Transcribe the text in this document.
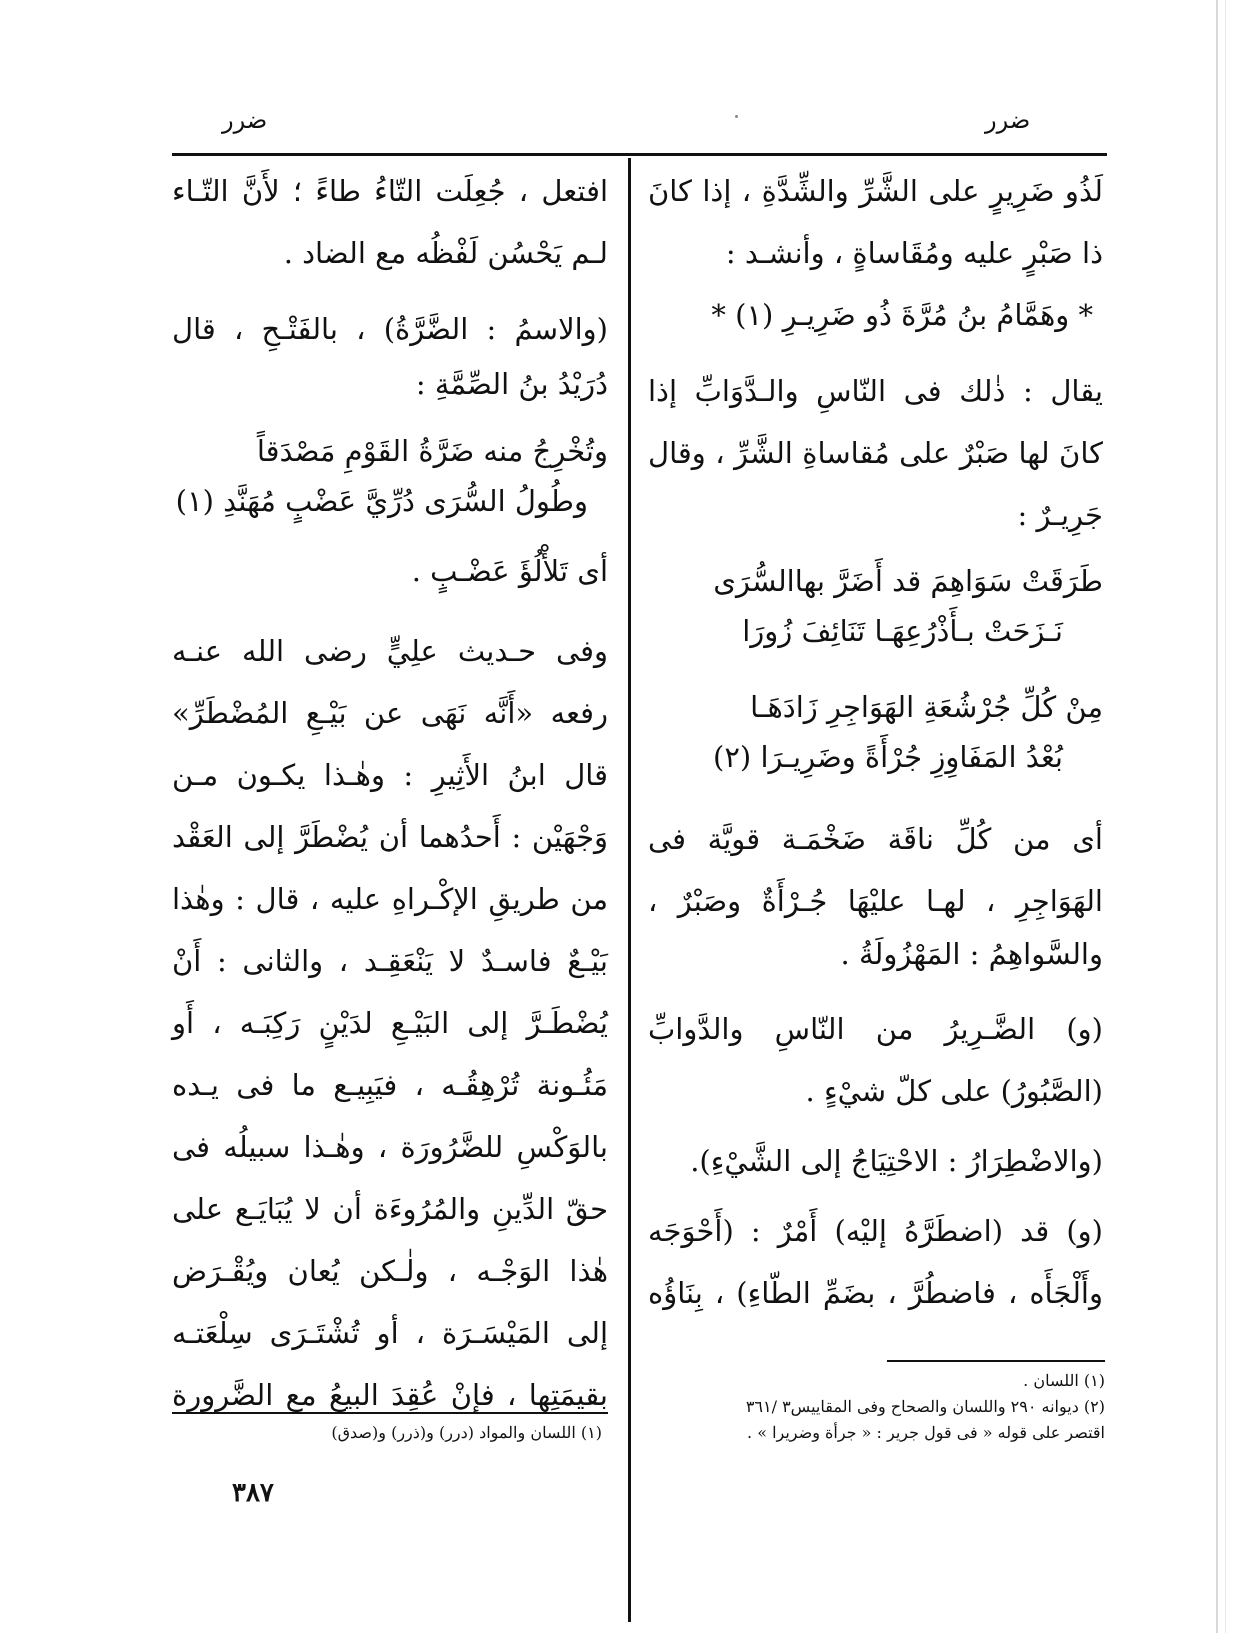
ضرر
ضرر
لَذُو ضَرِيرٍ على الشَّرِّ والشِّدَّةِ ، إذا كانَ
ذا صَبْرٍ عليه ومُقَاساةٍ ، وأنشـد :
* وهَمَّامُ بنُ مُرَّةَ ذُو ضَرِيـرِ (١) *
يقال : ذٰلك فى النّاسِ والـدَّوَابِّ إذا
كانَ لها صَبْرٌ على مُقاساةِ الشَّرِّ ، وقال
جَرِيـرٌ :
طَرَقَتْ سَوَاهِمَ قد أَضَرَّ بهاالسُّرَى
نَـزَحَتْ بـأَذْرُعِهَـا تَنَائِفَ زُورَا
مِنْ كُلِّ جُرْشُعَةِ الهَوَاجِرِ زَادَهَـا
بُعْدُ المَفَاوِزِ جُرْأَةً وضَرِيـرَا (٢)
أى من كُلِّ ناقَة ضَخْمَـة قويَّة فى
الهَوَاجِرِ ، لهـا عليْهَا جُـرْأَةٌ وصَبْرٌ ،
والسَّواهِمُ : المَهْزُولَةُ .
(و) الضَّـرِيرُ من النّاسِ والدَّوابِّ
(الصَّبُورُ) على كلّ شيْءٍ .
(والاضْطِرَارُ : الاحْتِيَاجُ إلى الشَّيْءِ).
(و) قد (اضطَرَّهُ إليْه) أَمْرٌ : (أَحْوَجَه
وأَلْجَأَه ، فاضطُرَّ ، بضَمِّ الطّاءِ) ، بِنَاؤُه
(١) اللسان .
(٢) ديوانه ٢٩٠ واللسان والصحاح وفى المقاييس٣ /٣٦١
اقتصر على قوله « فى قول جرير : « جرأة وضريرا » .
افتعل ، جُعِلَت التّاءُ طاءً ؛ لأَنَّ التّـاء
لـم يَحْسُن لَفْظُه مع الضاد .
(والاسمُ : الضَّرَّةُ) ، بالفَتْـحِ ، قال
دُرَيْدُ بنُ الصِّمَّةِ :
وتُخْرِجُ منه ضَرَّةُ القَوْمِ مَصْدَقاً
وطُولُ السُّرَى دُرِّيَّ عَضْبٍ مُهَنَّدِ (١)
أى تَلأْلُؤَ عَضْـبٍ .
وفى حـديث علِيٍّ رضى الله عنـه
رفعه «أَنَّه نَهَى عن بَيْـعِ المُضْطَرِّ»
قال ابنُ الأَثِيرِ : وهٰـذا يكـون مـن
وَجْهَيْن : أَحدُهما أن يُضْطَرَّ إلى العَقْد
من طريقِ الإكْـراهِ عليه ، قال : وهٰذا
بَيْـعٌ فاسـدٌ لا يَنْعَقِـد ، والثانى : أَنْ
يُضْطَـرَّ إلى البَيْـعِ لدَيْنٍ رَكِبَـه ، أَو
مَئُـونة تُرْهِقُـه ، فيَبِيـع ما فى يـده
بالوَكْسِ للضَّرُورَة ، وهٰـذا سبيلُه فى
حقّ الدِّينِ والمُرُوءَة أن لا يُبَايَـع على
هٰذا الوَجْـه ، ولٰـكن يُعان ويُقْـرَض
إلى المَيْسَـرَة ، أو تُشْتَـرَى سِلْعَتـه
بقيمَتِها ، فإنْ عُقِدَ البيعُ مع الضَّرورة
(١) اللسان والمواد (درر) و(ذرر) و(صدق)
٣٨٧
